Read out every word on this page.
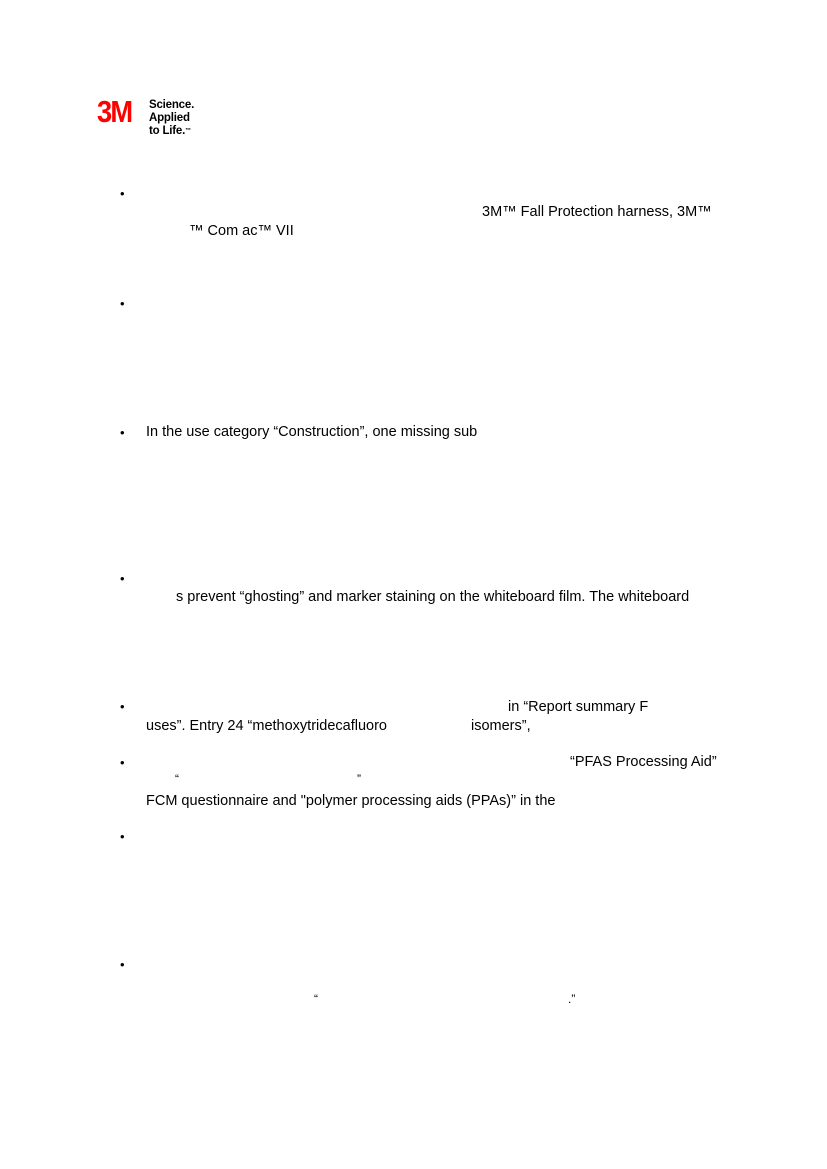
3M Science.
Applied to Life.™
•
3M™ Fall Protection harness, 3M™
™ Com ac™ VII
•
• In the use category “Construction”, one missing sub
•
s prevent “ghosting” and marker staining on the whiteboard film. The whiteboard
•	in “Report summary F
uses”. Entry 24 “methoxytridecafluoro	isomers”,
•	“PFAS Processing Aid”
“	”
FCM questionnaire and "polymer processing aids (PPAs)” in the
•
•
“	.”
